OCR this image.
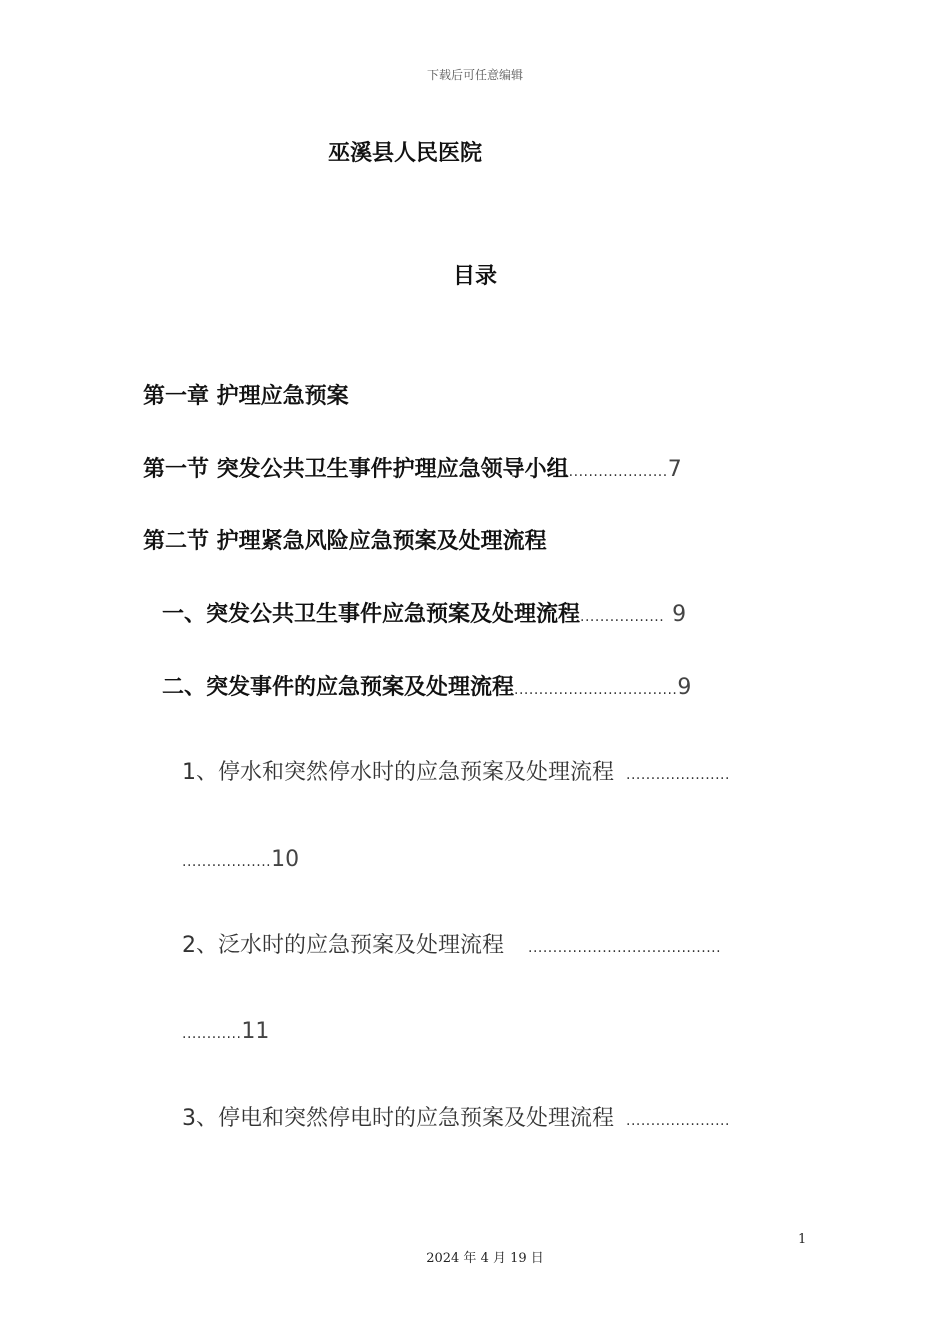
下载后可任意编辑
巫溪县人民医院
目录
第一章 护理应急预案
第一节 突发公共卫生事件护理应急领导小组....................7
第二节 护理紧急风险应急预案及处理流程
一、突发公共卫生事件应急预案及处理流程................. 9
二、突发事件的应急预案及处理流程.................................9
1、停水和突然停水时的应急预案及处理流程 .....................
..................10
2、泛水时的应急预案及处理流程 .......................................
............11
3、停电和突然停电时的应急预案及处理流程 .....................
1
2024 年 4 月 19 日
